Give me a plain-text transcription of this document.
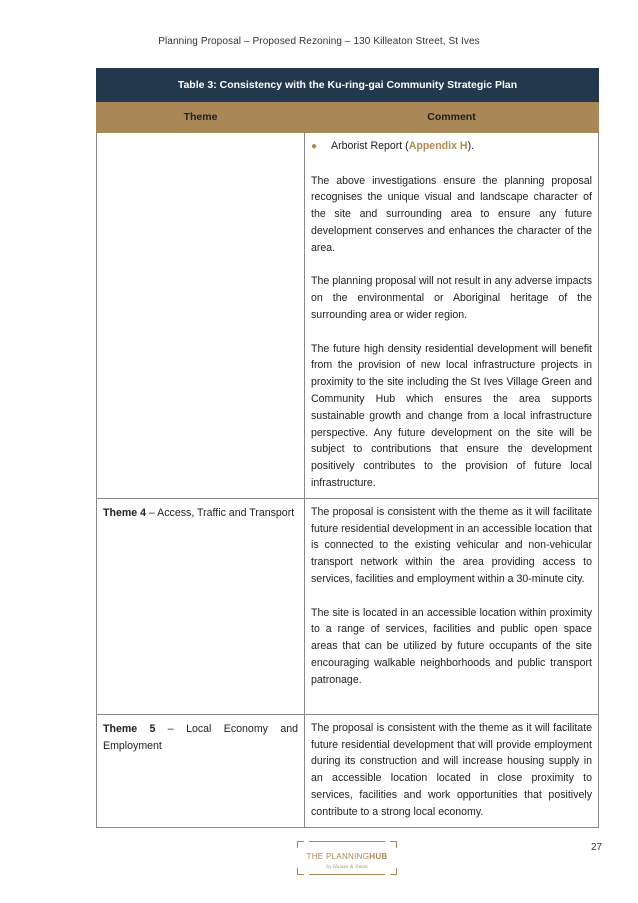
Planning Proposal – Proposed Rezoning – 130 Killeaton Street, St Ives
Table 3: Consistency with the Ku-ring-gai Community Strategic Plan	
Theme	Comment

	● Arborist Report (Appendix H).

The above investigations ensure the planning proposal recognises the unique visual and landscape character of the site and surrounding area to ensure any future development conserves and enhances the character of the area.

The planning proposal will not result in any adverse impacts on the environmental or Aboriginal heritage of the surrounding area or wider region.

The future high density residential development will benefit from the provision of new local infrastructure projects in proximity to the site including the St Ives Village Green and Community Hub which ensures the area supports sustainable growth and change from a local infrastructure perspective. Any future development on the site will be subject to contributions that ensure the development positively contributes to the provision of future local infrastructure.

Theme 4 – Access, Traffic and Transport	The proposal is consistent with the theme as it will facilitate future residential development in an accessible location that is connected to the existing vehicular and non-vehicular transport network within the area providing access to services, facilities and employment within a 30-minute city.

The site is located in an accessible location within proximity to a range of services, facilities and public open space areas that can be utilized by future occupants of the site encouraging walkable neighborhoods and public transport patronage.

Theme 5 – Local Economy and Employment	The proposal is consistent with the theme as it will facilitate future residential development that will provide employment during its construction and will increase housing supply in an accessible location located in close proximity to services, facilities and work opportunities that positively contribute to a strong local economy.

THE PLANNINGHUB
by Hawes & Swan
27
